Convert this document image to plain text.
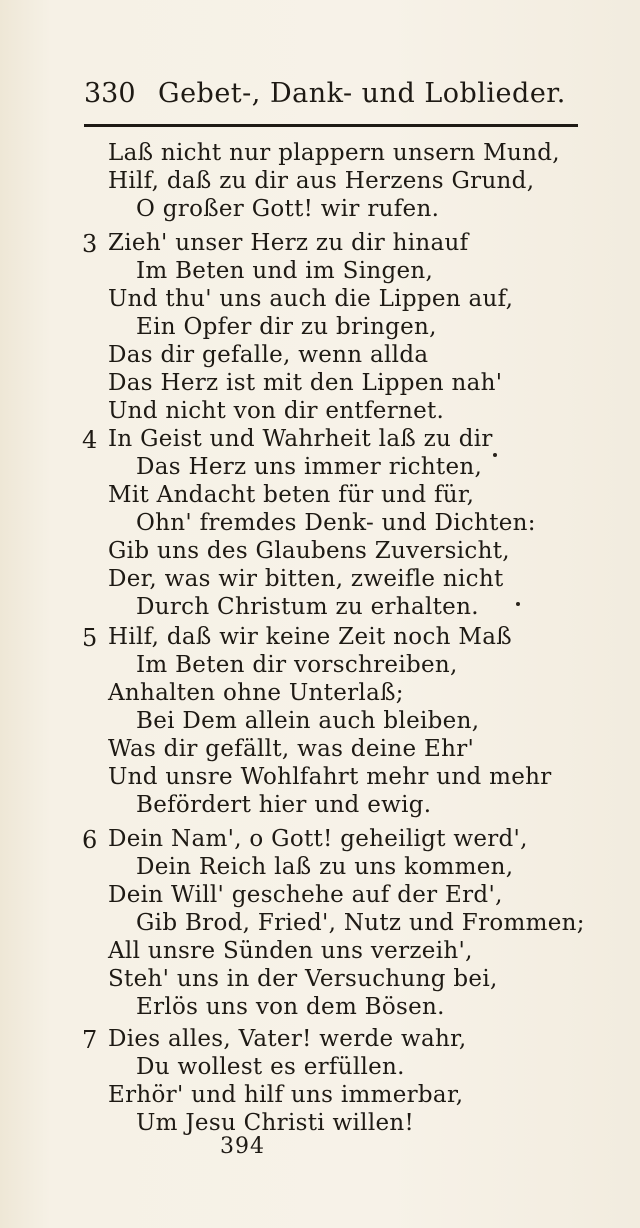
330 Gebet-, Dank- und Loblieder.
Laß nicht nur plappern unsern Mund,
Hilf, daß zu dir aus Herzens Grund,
O großer Gott! wir rufen.
3 Zieh' unser Herz zu dir hinauf
Im Beten und im Singen,
Und thu' uns auch die Lippen auf,
Ein Opfer dir zu bringen,
Das dir gefalle, wenn allda
Das Herz ist mit den Lippen nah'
Und nicht von dir entfernet.
4 In Geist und Wahrheit laß zu dir
Das Herz uns immer richten,
Mit Andacht beten für und für,
Ohn' fremdes Denk- und Dichten:
Gib uns des Glaubens Zuversicht,
Der, was wir bitten, zweifle nicht
Durch Christum zu erhalten.
5 Hilf, daß wir keine Zeit noch Maß
Im Beten dir vorschreiben,
Anhalten ohne Unterlaß;
Bei Dem allein auch bleiben,
Was dir gefällt, was deine Ehr'
Und unsre Wohlfahrt mehr und mehr
Befördert hier und ewig.
6 Dein Nam', o Gott! geheiligt werd',
Dein Reich laß zu uns kommen,
Dein Will' geschehe auf der Erd',
Gib Brod, Fried', Nutz und Frommen;
All unsre Sünden uns verzeih',
Steh' uns in der Versuchung bei,
Erlös uns von dem Bösen.
7 Dies alles, Vater! werde wahr,
Du wollest es erfüllen.
Erhör' und hilf uns immerbar,
Um Jesu Christi willen!
394
